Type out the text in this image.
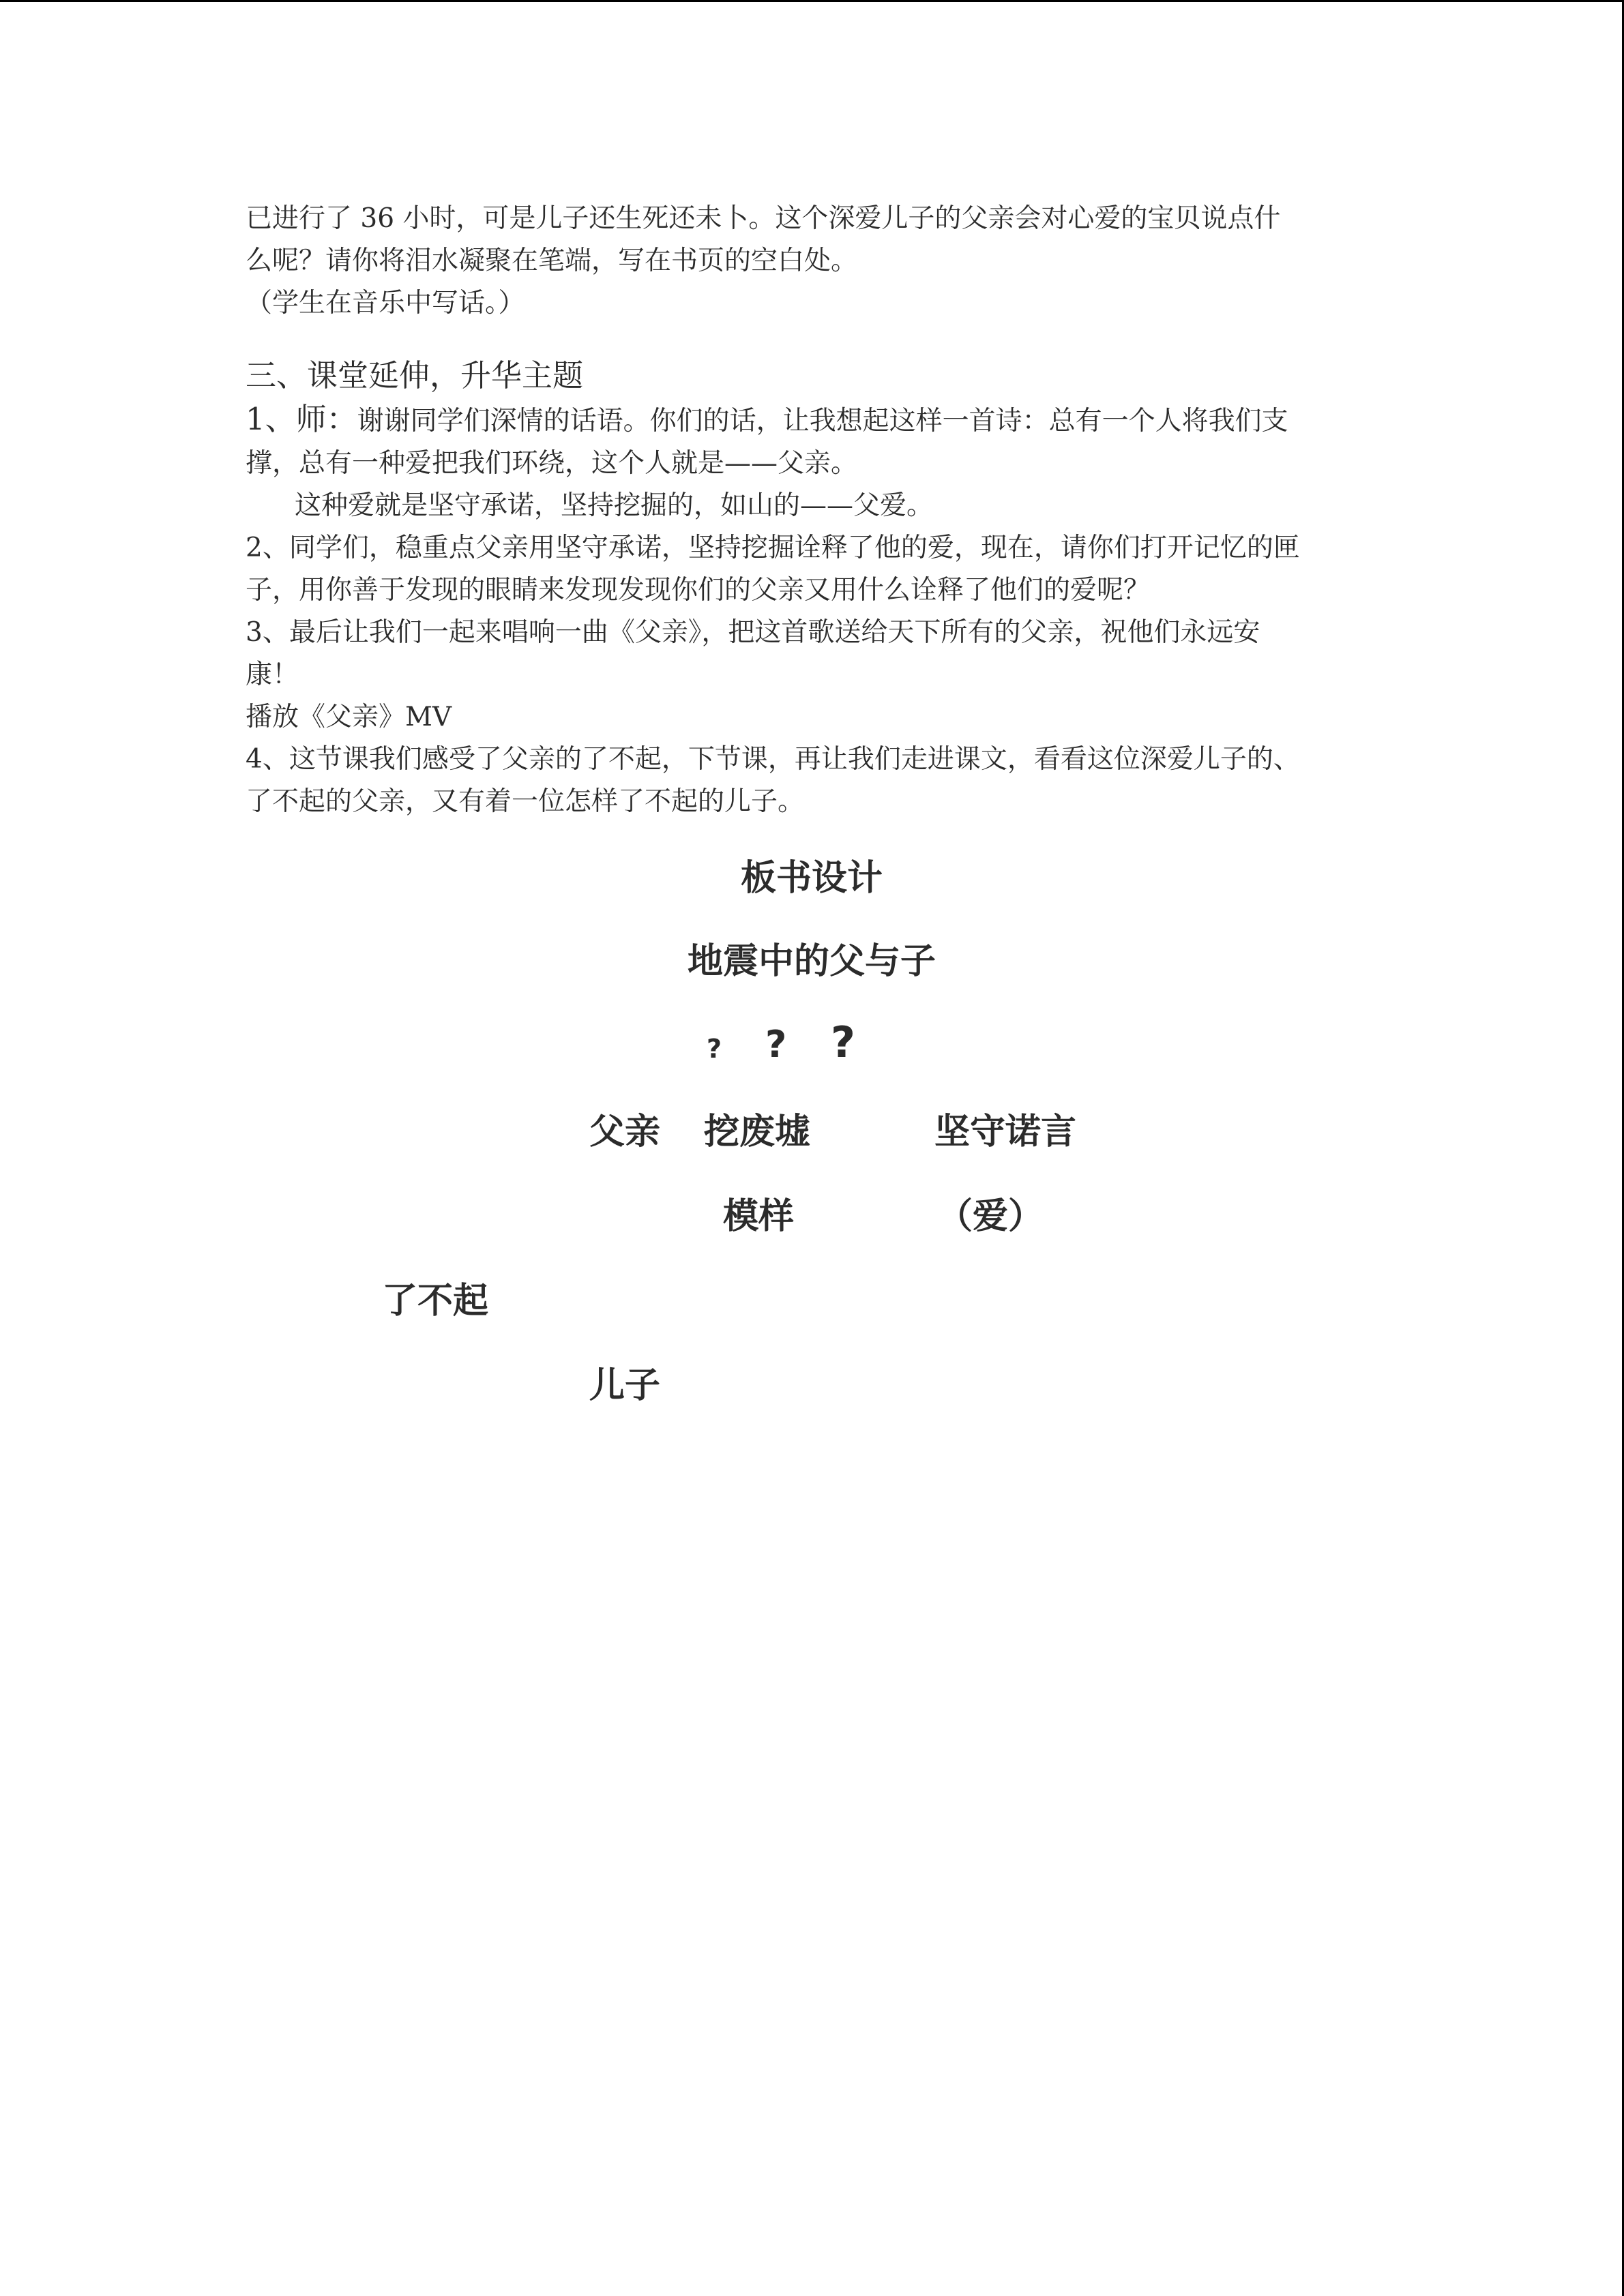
已进行了 36 小时，可是儿子还生死还未卜。这个深爱儿子的父亲会对心爱的宝贝说点什
么呢？请你将泪水凝聚在笔端，写在书页的空白处。
（学生在音乐中写话。）
三、课堂延伸，升华主题
1、师：谢谢同学们深情的话语。你们的话，让我想起这样一首诗：总有一个人将我们支
撑，总有一种爱把我们环绕，这个人就是——父亲。
这种爱就是坚守承诺，坚持挖掘的，如山的——父爱。
2、同学们，稳重点父亲用坚守承诺，坚持挖掘诠释了他的爱，现在，请你们打开记忆的匣
子，用你善于发现的眼睛来发现发现你们的父亲又用什么诠释了他们的爱呢？
3、最后让我们一起来唱响一曲《父亲》，把这首歌送给天下所有的父亲，祝他们永远安
康！
播放《父亲》MV
4、这节课我们感受了父亲的了不起，下节课，再让我们走进课文，看看这位深爱儿子的、
了不起的父亲，又有着一位怎样了不起的儿子。
板书设计
地震中的父与子
? ? ?
父亲 挖废墟	坚守诺言
模样	（爱）
了不起
儿子
